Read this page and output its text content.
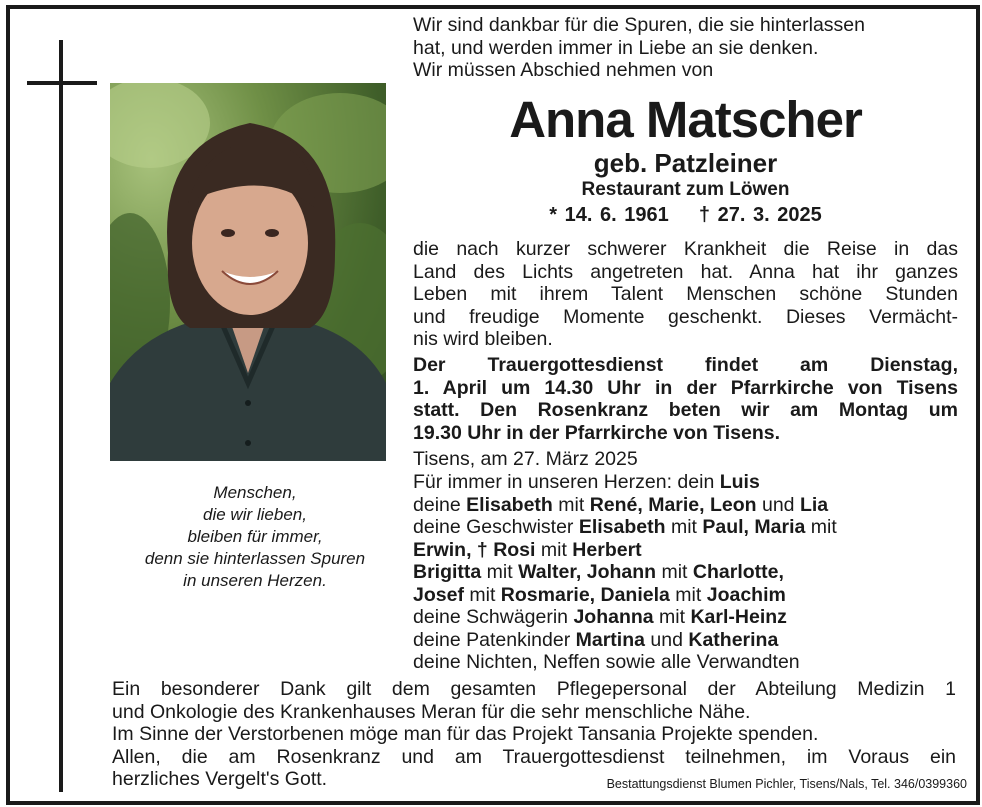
Menschen,
die wir lieben,
bleiben für immer,
denn sie hinterlassen Spuren
in unseren Herzen.
Wir sind dankbar für die Spuren, die sie hinterlassen
hat, und werden immer in Liebe an sie denken.
Wir müssen Abschied nehmen von
Anna Matscher
geb. Patzleiner
Restaurant zum Löwen
* 14. 6. 1961    † 27. 3. 2025
die nach kurzer schwerer Krankheit die Reise in das
Land des Lichts angetreten hat. Anna hat ihr ganzes
Leben mit ihrem Talent Menschen schöne Stunden
und freudige Momente geschenkt. Dieses Vermächt-
nis wird bleiben.
Der Trauergottesdienst findet am Dienstag,
1. April um 14.30 Uhr in der Pfarrkirche von Tisens
statt. Den Rosenkranz beten wir am Montag um
19.30 Uhr in der Pfarrkirche von Tisens.
Tisens, am 27. März 2025
Für immer in unseren Herzen: dein Luis
deine Elisabeth mit René, Marie, Leon und Lia
deine Geschwister Elisabeth mit Paul, Maria mit
Erwin, † Rosi mit Herbert
Brigitta mit Walter, Johann mit Charlotte,
Josef mit Rosmarie, Daniela mit Joachim
deine Schwägerin Johanna mit Karl-Heinz
deine Patenkinder Martina und Katherina
deine Nichten, Neffen sowie alle Verwandten
Ein besonderer Dank gilt dem gesamten Pflegepersonal der Abteilung Medizin 1
und Onkologie des Krankenhauses Meran für die sehr menschliche Nähe.
Im Sinne der Verstorbenen möge man für das Projekt Tansania Projekte spenden.
Allen, die am Rosenkranz und am Trauergottesdienst teilnehmen, im Voraus ein
herzliches Vergelt's Gott.	Bestattungsdienst Blumen Pichler, Tisens/Nals, Tel. 346/0399360
